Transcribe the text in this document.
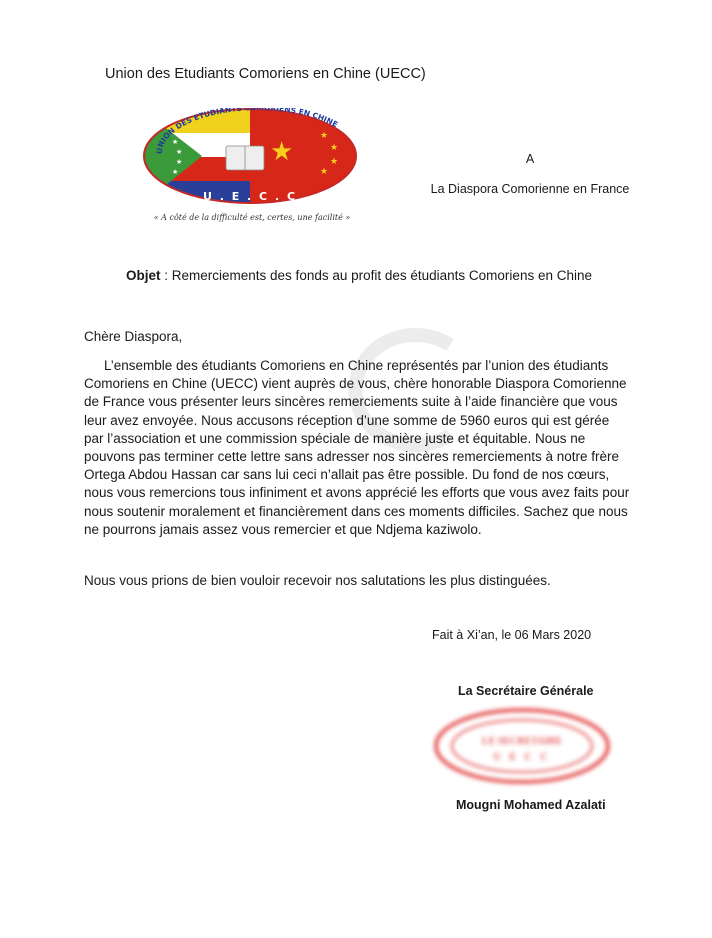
Union des Etudiants Comoriens en Chine (UECC)
★
★
★
★
★
★
★
★
★
UNION DES ETUDIANTS RIENS EN CHINE
U . E . C . C
« A côté de la difficulté est, certes, une facilité »
A

La Diaspora Comorienne en France
Objet : Remerciements des fonds au profit des étudiants Comoriens en Chine
Chère Diaspora,
L’ensemble des étudiants Comoriens en Chine représentés par l’union des étudiants Comoriens en Chine (UECC) vient auprès de vous, chère honorable Diaspora Comorienne de France vous présenter leurs sincères remerciements suite à l’aide financière que vous leur avez envoyée. Nous accusons réception d’une somme de 5960 euros qui est gérée par l’association et une commission spéciale de manière juste et équitable. Nous ne pouvons pas terminer cette lettre sans adresser nos sincères remerciements à notre frère Ortega Abdou Hassan car sans lui ceci n’allait pas être possible. Du fond de nos cœurs, nous vous remercions tous infiniment et avons apprécié les efforts que vous avez faits pour nous soutenir moralement et financièrement dans ces moments difficiles. Sachez que nous ne pourrons jamais assez vous remercier et que Ndjema kaziwolo.
Nous vous prions de bien vouloir recevoir nos salutations les plus distinguées.
Fait à Xi’an, le 06 Mars 2020
La Secrétaire Générale
LE SECRETAIRE
U E C C
Mougni Mohamed Azalati
